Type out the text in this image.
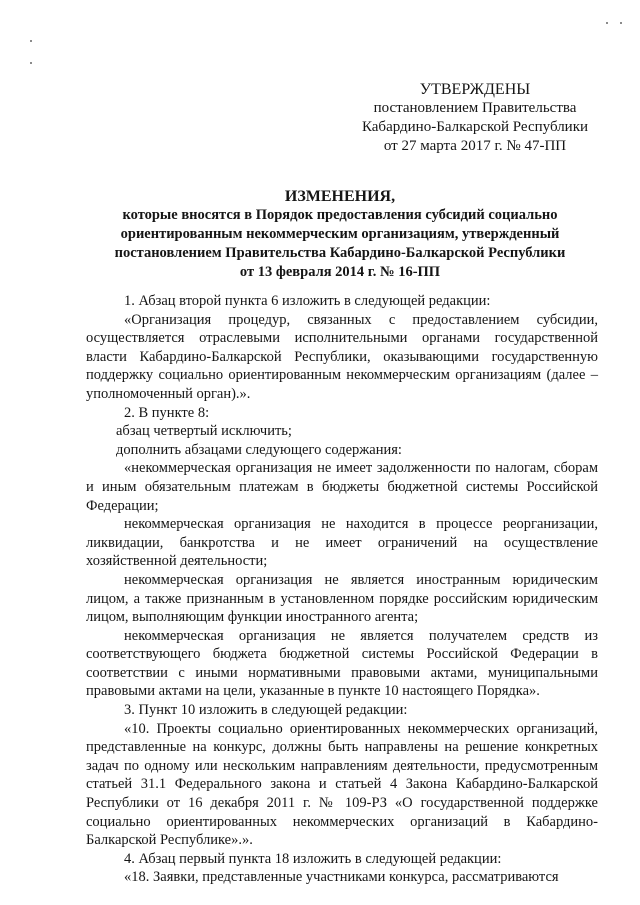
УТВЕРЖДЕНЫ
постановлением Правительства
Кабардино-Балкарской Республики
от 27 марта 2017 г. № 47-ПП
ИЗМЕНЕНИЯ,
которые вносятся в Порядок предоставления субсидий социально
ориентированным некоммерческим организациям, утвержденный
постановлением Правительства Кабардино-Балкарской Республики
от 13 февраля 2014 г. № 16-ПП

1. Абзац второй пункта 6 изложить в следующей редакции:

«Организация процедур, связанных с предоставлением субсидии, осуществляется отраслевыми исполнительными органами государственной власти Кабардино-Балкарской Республики, оказывающими государственную поддержку социально ориентированным некоммерческим организациям (далее – уполномоченный орган).».

2. В пункте 8:

абзац четвертый исключить;

дополнить абзацами следующего содержания:

«некоммерческая организация не имеет задолженности по налогам, сборам и иным обязательным платежам в бюджеты бюджетной системы Российской Федерации;

некоммерческая организация не находится в процессе реорганизации, ликвидации, банкротства и не имеет ограничений на осуществление хозяйственной деятельности;

некоммерческая организация не является иностранным юридическим лицом, а также признанным в установленном порядке российским юридическим лицом, выполняющим функции иностранного агента;

некоммерческая организация не является получателем средств из соответствующего бюджета бюджетной системы Российской Федерации в соответствии с иными нормативными правовыми актами, муниципальными правовыми актами на цели, указанные в пункте 10 настоящего Порядка».

3. Пункт 10 изложить в следующей редакции:

«10. Проекты социально ориентированных некоммерческих организаций, представленные на конкурс, должны быть направлены на решение конкретных задач по одному или нескольким направлениям деятельности, предусмотренным статьей 31.1 Федерального закона и статьей 4 Закона Кабардино-Балкарской Республики от 16 декабря 2011 г. № 109-РЗ «О государственной поддержке социально ориентированных некоммерческих организаций в Кабардино-Балкарской Республике».».

4. Абзац первый пункта 18 изложить в следующей редакции:

«18. Заявки, представленные участниками конкурса, рассматриваются
